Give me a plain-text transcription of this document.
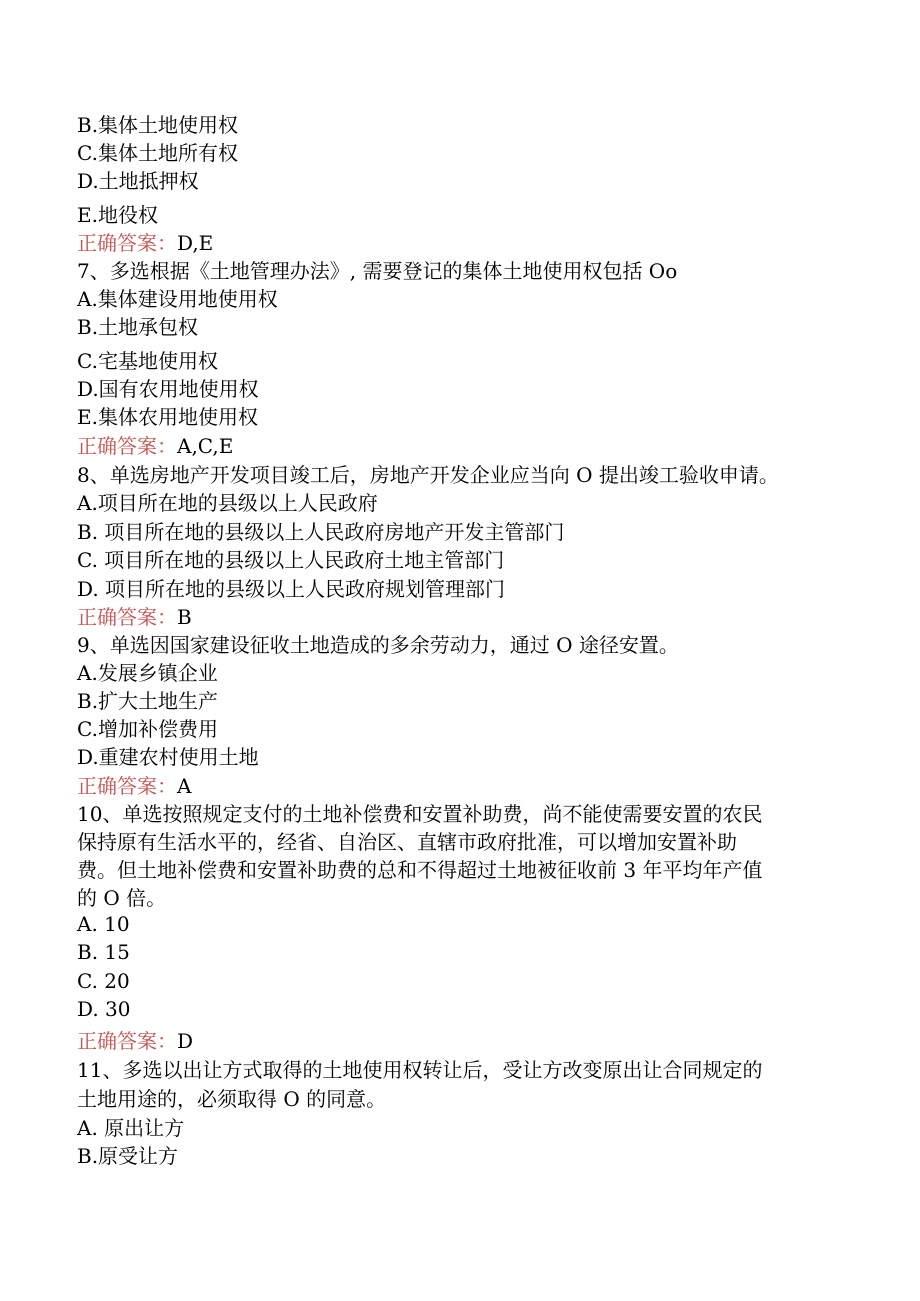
B.集体土地使用权

C.集体土地所有权

D.土地抵押权

E.地役权

正确答案：D,E

7、多选根据《土地管理办法》, 需要登记的集体土地使用权包括 Oo

A.集体建设用地使用权

B.土地承包权

C.宅基地使用权

D.国有农用地使用权

E.集体农用地使用权

正确答案：A,C,E

8、单选房地产开发项目竣工后，房地产开发企业应当向 O 提出竣工验收申请。

A.项目所在地的县级以上人民政府

B. 项目所在地的县级以上人民政府房地产开发主管部门

C. 项目所在地的县级以上人民政府土地主管部门

D. 项目所在地的县级以上人民政府规划管理部门

正确答案：B

9、单选因国家建设征收土地造成的多余劳动力，通过 O 途径安置。

A.发展乡镇企业

B.扩大土地生产

C.增加补偿费用

D.重建农村使用土地

正确答案：A

10、单选按照规定支付的土地补偿费和安置补助费，尚不能使需要安置的农民

保持原有生活水平的，经省、自治区、直辖市政府批准，可以增加安置补助

费。但土地补偿费和安置补助费的总和不得超过土地被征收前 3 年平均年产值

的 O 倍。

A. 10

B. 15

C. 20

D. 30

正确答案：D

11、多选以出让方式取得的土地使用权转让后，受让方改变原出让合同规定的

土地用途的，必须取得 O 的同意。

A. 原出让方

B.原受让方
